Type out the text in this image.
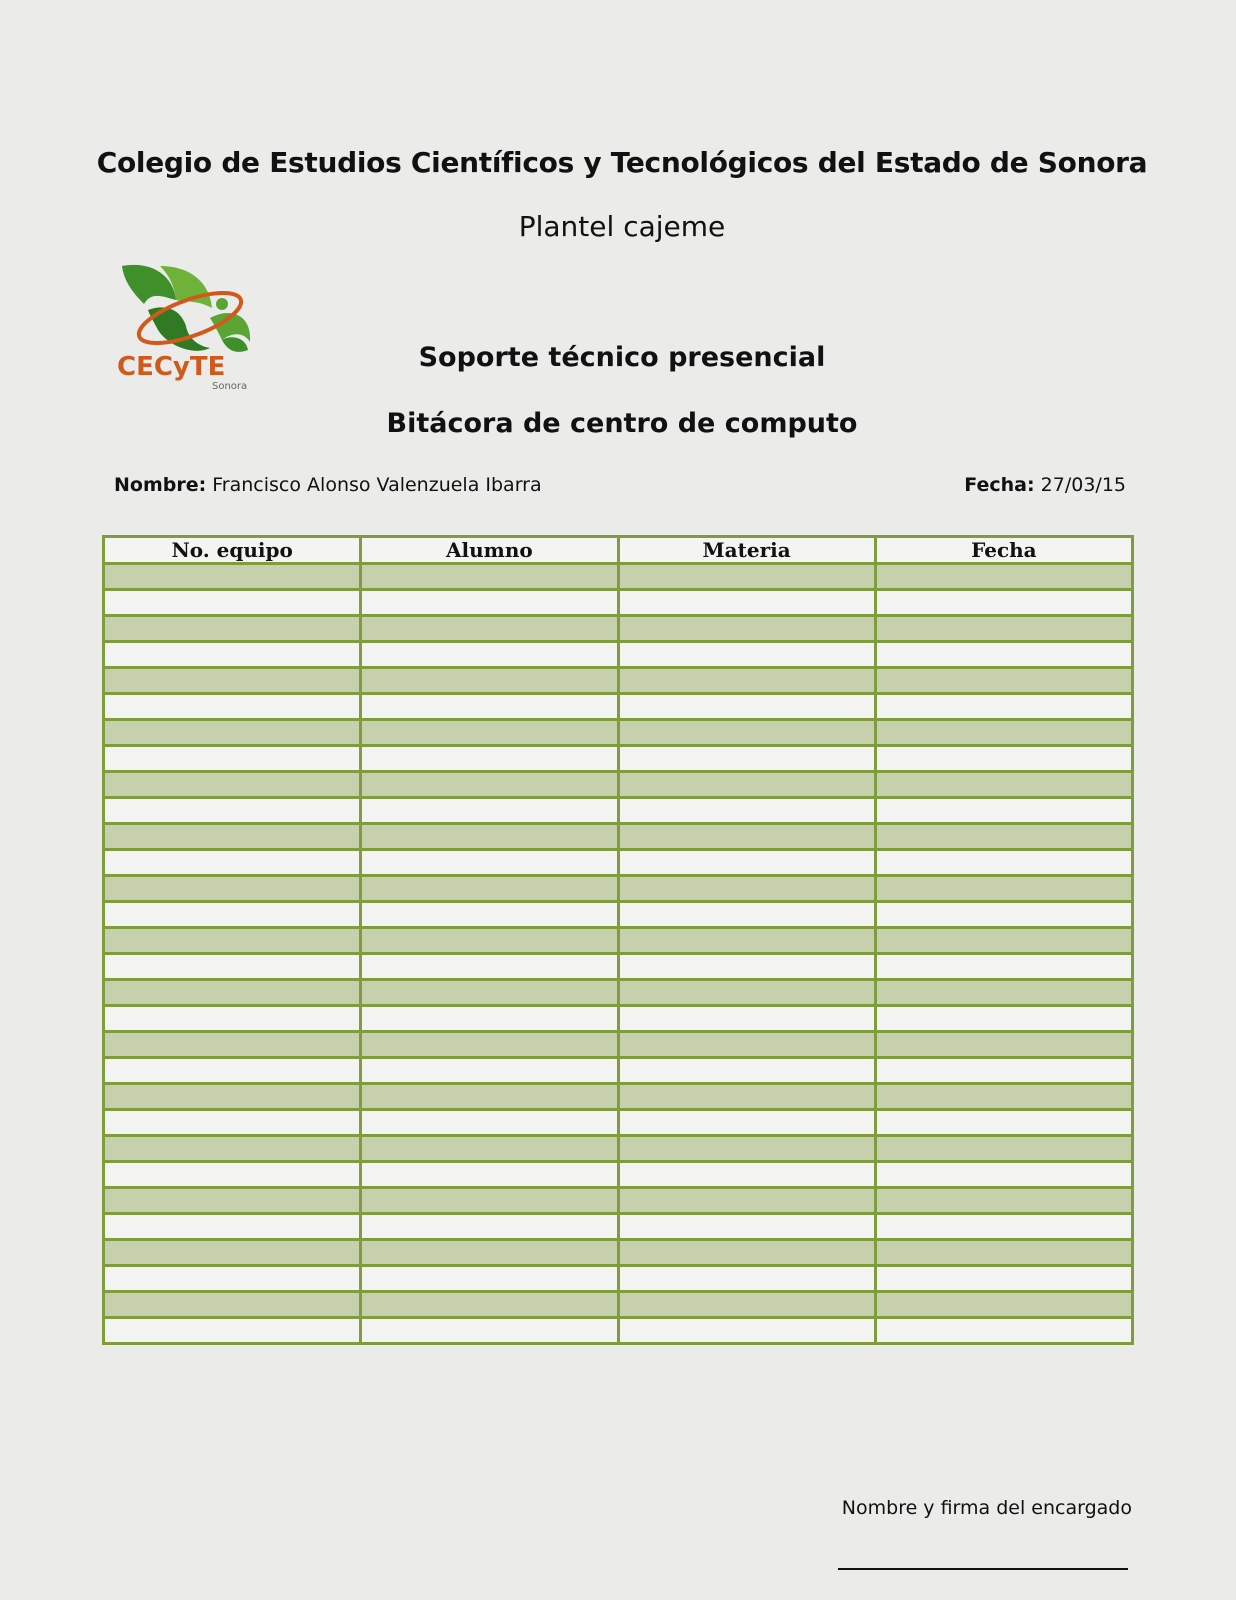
Colegio de Estudios Científicos y Tecnológicos del Estado de Sonora
Plantel cajeme
CECyTE
Sonora
Soporte técnico presencial
Bitácora de centro de computo
Nombre: Francisco Alonso Valenzuela Ibarra	Fecha: 27/03/15
No. equipo	Alumno	Materia	Fecha

Nombre y firma del encargado
